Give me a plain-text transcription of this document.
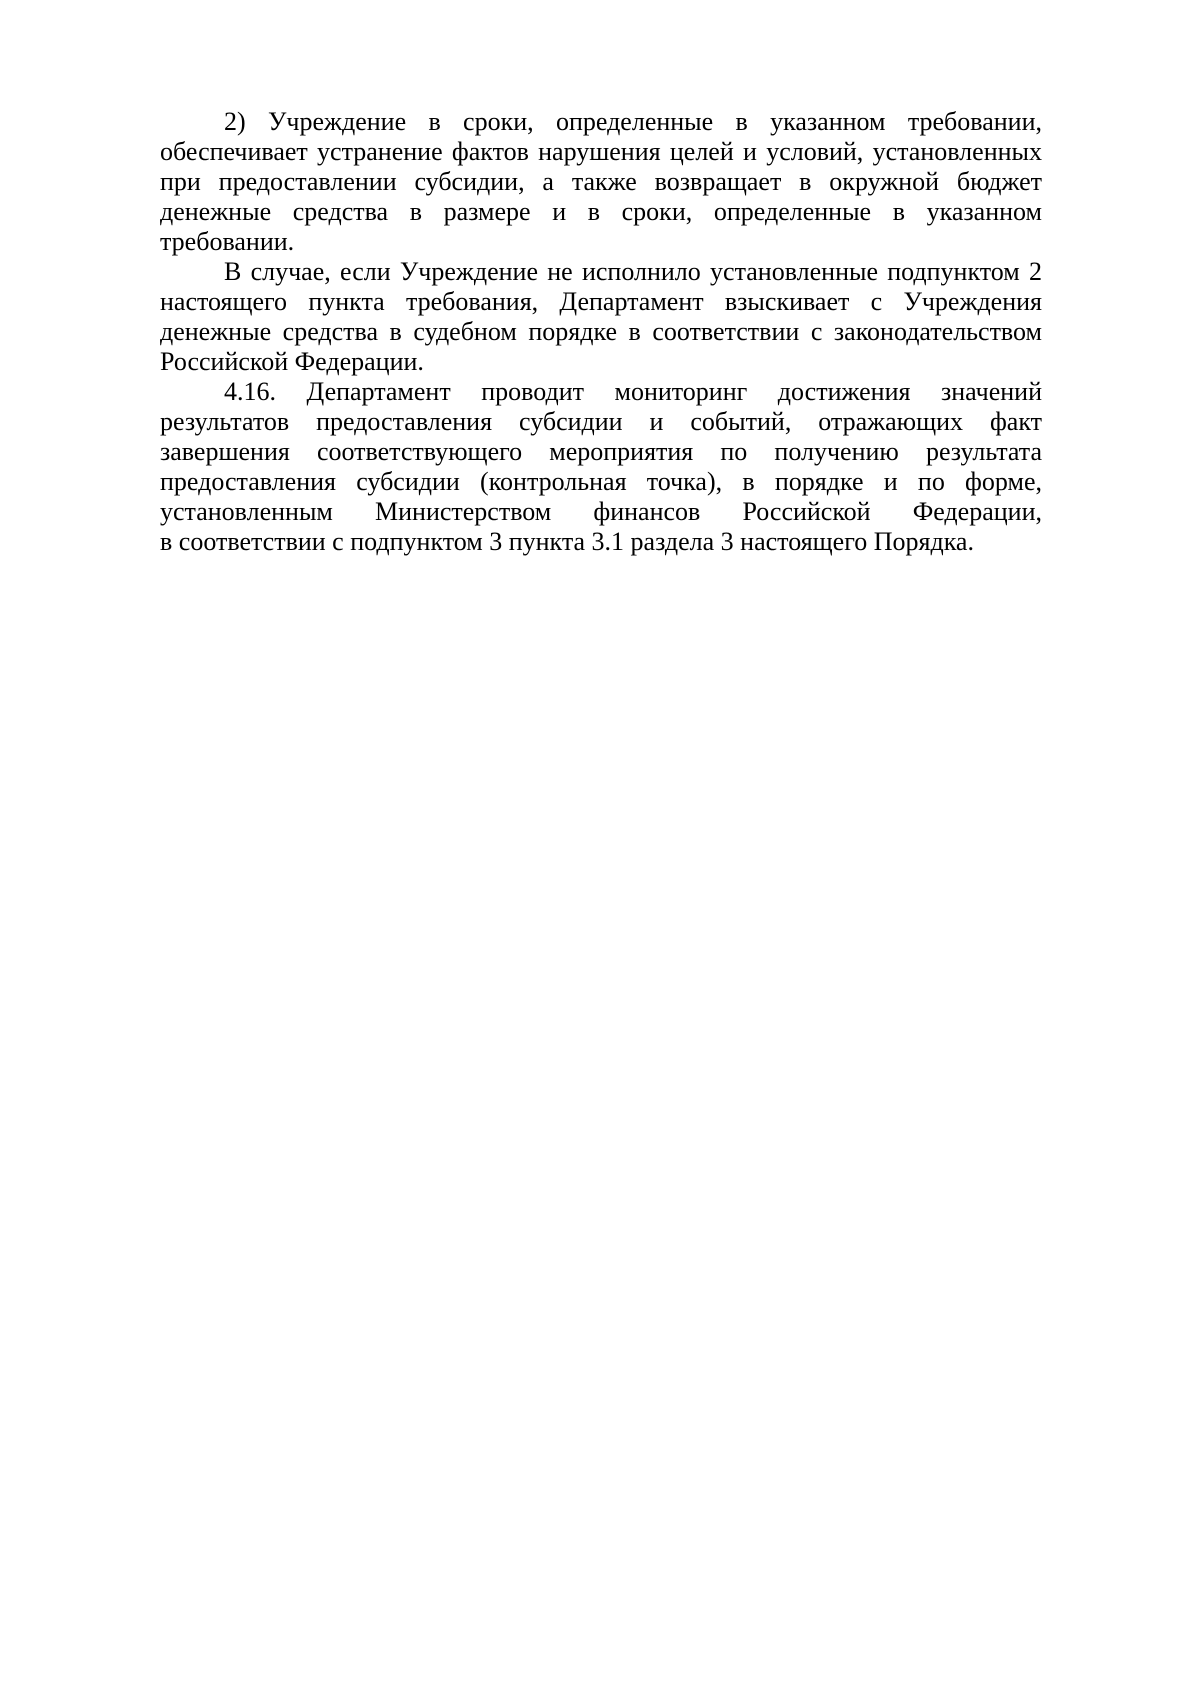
2) Учреждение в сроки, определенные в указанном требовании,
обеспечивает устранение фактов нарушения целей и условий, установленных
при предоставлении субсидии, а также возвращает в окружной бюджет
денежные средства в размере и в сроки, определенные в указанном
требовании.
В случае, если Учреждение не исполнило установленные подпунктом 2
настоящего пункта требования, Департамент взыскивает с Учреждения
денежные средства в судебном порядке в соответствии с законодательством
Российской Федерации.
4.16. Департамент проводит мониторинг достижения значений
результатов предоставления субсидии и событий, отражающих факт
завершения соответствующего мероприятия по получению результата
предоставления субсидии (контрольная точка), в порядке и по форме,
установленным Министерством финансов Российской Федерации,
в соответствии с подпунктом 3 пункта 3.1 раздела 3 настоящего Порядка.
